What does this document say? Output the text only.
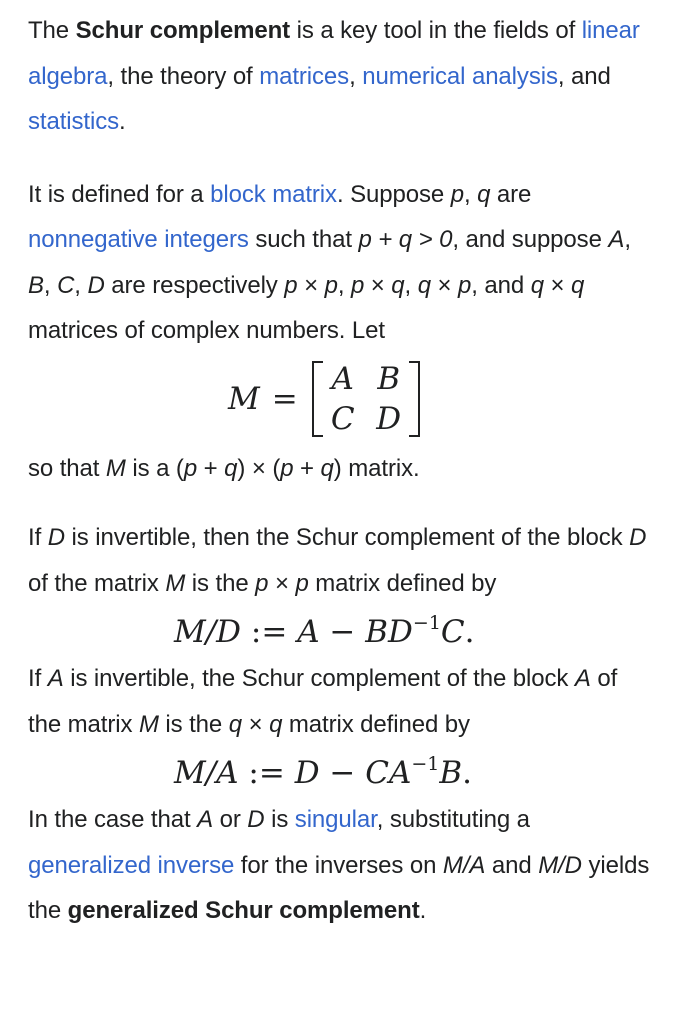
The Schur complement is a key tool in the fields of linear algebra, the theory of matrices, numerical analysis, and statistics.

It is defined for a block matrix. Suppose p, q are nonnegative integers such that p + q > 0, and suppose A, B, C, D are respectively p × p, p × q, q × p, and q × q matrices of complex numbers. Let

M =
A B
C D

so that M is a (p + q) × (p + q) matrix.

If D is invertible, then the Schur complement of the block D of the matrix M is the p × p matrix defined by

M/D := $A - BD^{-1}C$.

If A is invertible, the Schur complement of the block A of the matrix M is the q × q matrix defined by

M/A := $D - CA^{-1}B$.

In the case that A or D is singular, substituting a generalized inverse for the inverses on M/A and M/D yields the generalized Schur complement.
